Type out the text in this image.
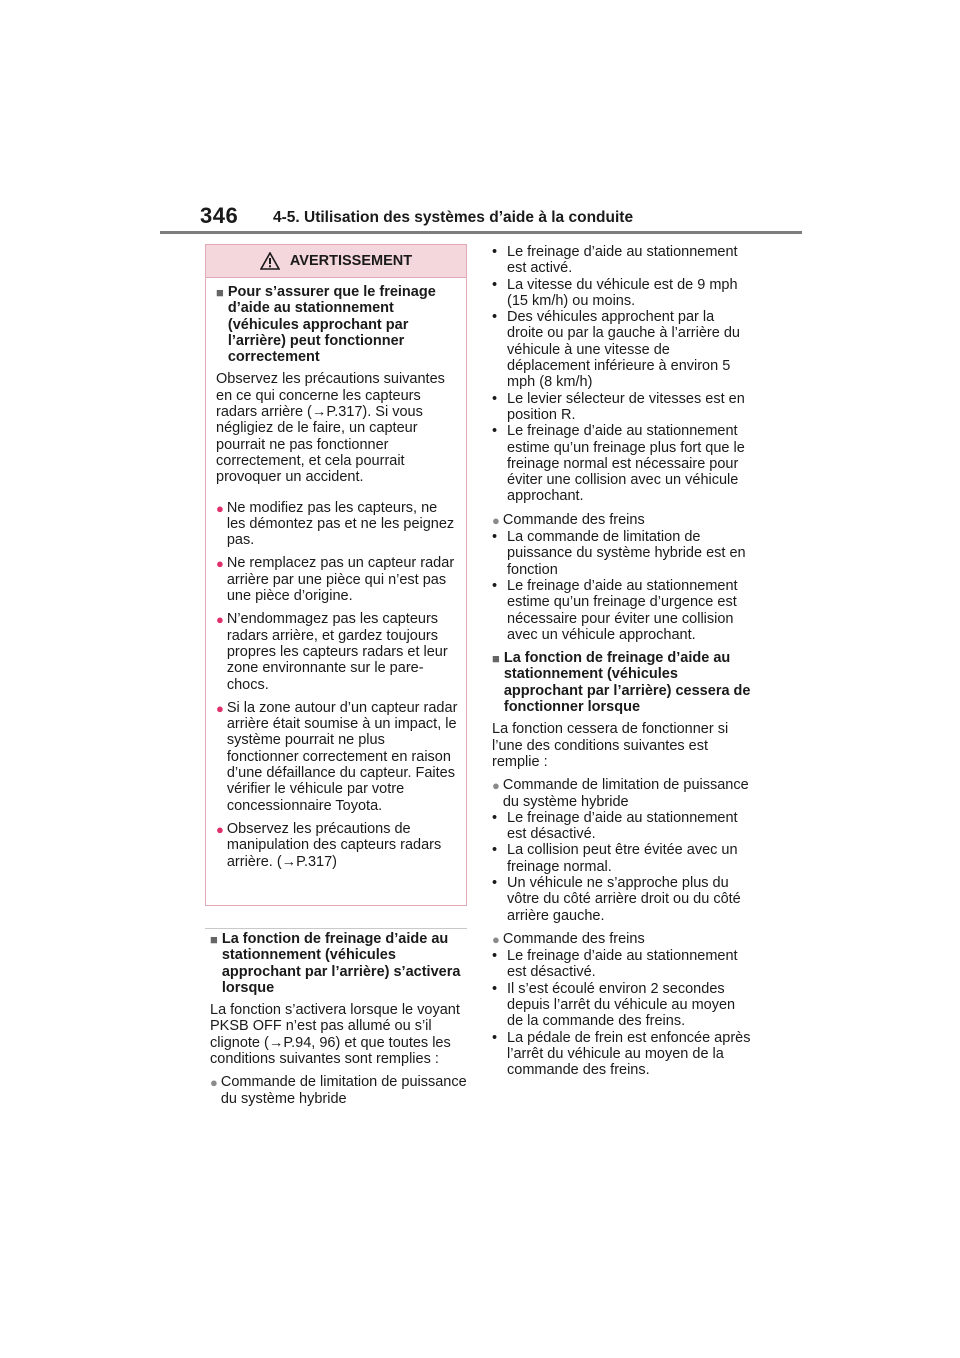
346 4-5. Utilisation des systèmes d’aide à la conduite
AVERTISSEMENT
■ Pour s’assurer que le freinage d’aide au stationnement (véhicules approchant par l’arrière) peut fonctionner correctement
Observez les précautions suivantes en ce qui concerne les capteurs radars arrière (→P.317). Si vous négligiez de le faire, un capteur pourrait ne pas fonctionner correctement, et cela pourrait provoquer un accident.
● Ne modifiez pas les capteurs, ne les démontez pas et ne les peignez pas.
● Ne remplacez pas un capteur radar arrière par une pièce qui n’est pas une pièce d’origine.
● N’endommagez pas les capteurs radars arrière, et gardez toujours propres les capteurs radars et leur zone environnante sur le pare-chocs.
● Si la zone autour d’un capteur radar arrière était soumise à un impact, le système pourrait ne plus fonctionner correctement en raison d’une défaillance du capteur. Faites vérifier le véhicule par votre concessionnaire Toyota.
● Observez les précautions de manipulation des capteurs radars arrière. (→P.317)
■ La fonction de freinage d’aide au stationnement (véhicules approchant par l’arrière) s’activera lorsque
La fonction s’activera lorsque le voyant PKSB OFF n’est pas allumé ou s’il clignote (→P.94, 96) et que toutes les conditions suivantes sont remplies :
● Commande de limitation de puissance du système hybride
• Le freinage d’aide au stationnement est activé.
• La vitesse du véhicule est de 9 mph (15 km/h) ou moins.
• Des véhicules approchent par la droite ou par la gauche à l’arrière du véhicule à une vitesse de déplacement inférieure à environ 5 mph (8 km/h)
• Le levier sélecteur de vitesses est en position R.
• Le freinage d’aide au stationnement estime qu’un freinage plus fort que le freinage normal est nécessaire pour éviter une collision avec un véhicule approchant.
● Commande des freins
• La commande de limitation de puissance du système hybride est en fonction
• Le freinage d’aide au stationnement estime qu’un freinage d’urgence est nécessaire pour éviter une collision avec un véhicule approchant.
■ La fonction de freinage d’aide au stationnement (véhicules approchant par l’arrière) cessera de fonctionner lorsque
La fonction cessera de fonctionner si l’une des conditions suivantes est remplie :
● Commande de limitation de puissance du système hybride
• Le freinage d’aide au stationnement est désactivé.
• La collision peut être évitée avec un freinage normal.
• Un véhicule ne s’approche plus du vôtre du côté arrière droit ou du côté arrière gauche.
● Commande des freins
• Le freinage d’aide au stationnement est désactivé.
• Il s’est écoulé environ 2 secondes depuis l’arrêt du véhicule au moyen de la commande des freins.
• La pédale de frein est enfoncée après l’arrêt du véhicule au moyen de la commande des freins.
